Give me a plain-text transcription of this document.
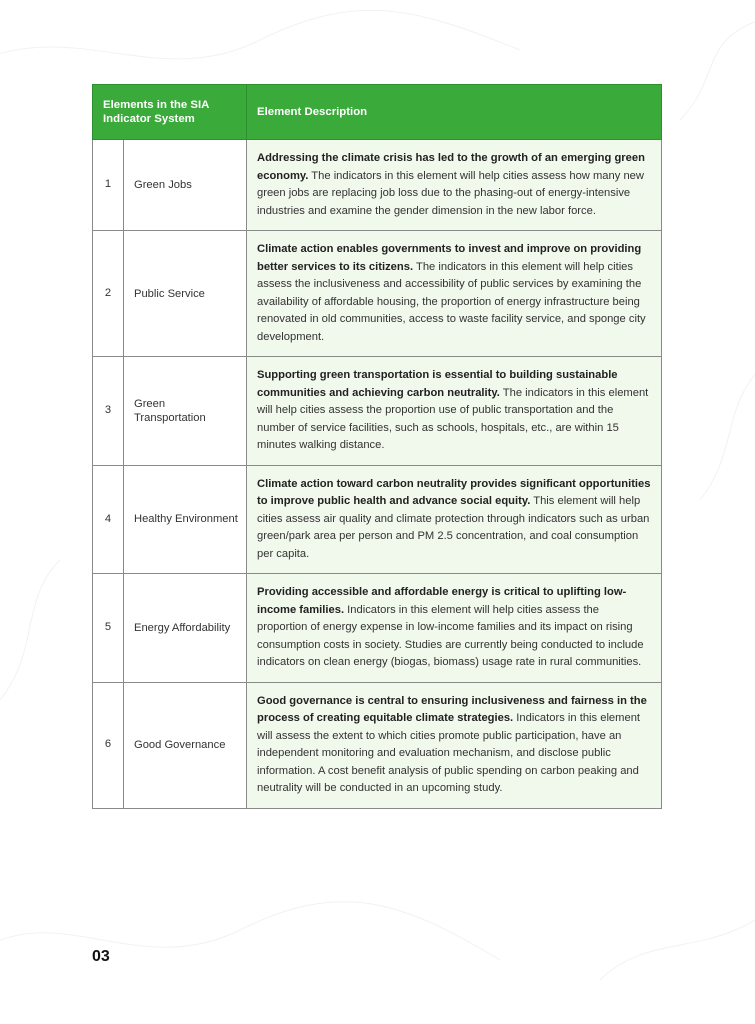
Elements in the SIA Indicator System		Element Description
1	Green Jobs	Addressing the climate crisis has led to the growth of an emerging green economy. The indicators in this element will help cities assess how many new green jobs are replacing job loss due to the phasing-out of energy-intensive industries and examine the gender dimension in the new labor force.
2	Public Service	Climate action enables governments to invest and improve on providing better services to its citizens. The indicators in this element will help cities assess the inclusiveness and accessibility of public services by examining the availability of affordable housing, the proportion of energy infrastructure being renovated in old communities, access to waste facility service, and sponge city development.
3	Green Transportation	Supporting green transportation is essential to building sustainable communities and achieving carbon neutrality. The indicators in this element will help cities assess the proportion use of public transportation and the number of service facilities, such as schools, hospitals, etc., are within 15 minutes walking distance.
4	Healthy Environment	Climate action toward carbon neutrality provides significant opportunities to improve public health and advance social equity. This element will help cities assess air quality and climate protection through indicators such as urban green/park area per person and PM 2.5 concentration, and coal consumption per capita.
5	Energy Affordability	Providing accessible and affordable energy is critical to uplifting low-income families. Indicators in this element will help cities assess the proportion of energy expense in low-income families and its impact on rising consumption costs in society. Studies are currently being conducted to include indicators on clean energy (biogas, biomass) usage rate in rural communities.
6	Good Governance	Good governance is central to ensuring inclusiveness and fairness in the process of creating equitable climate strategies. Indicators in this element will assess the extent to which cities promote public participation, have an independent monitoring and evaluation mechanism, and disclose public information. A cost benefit analysis of public spending on carbon peaking and neutrality will be conducted in an upcoming study.
03
